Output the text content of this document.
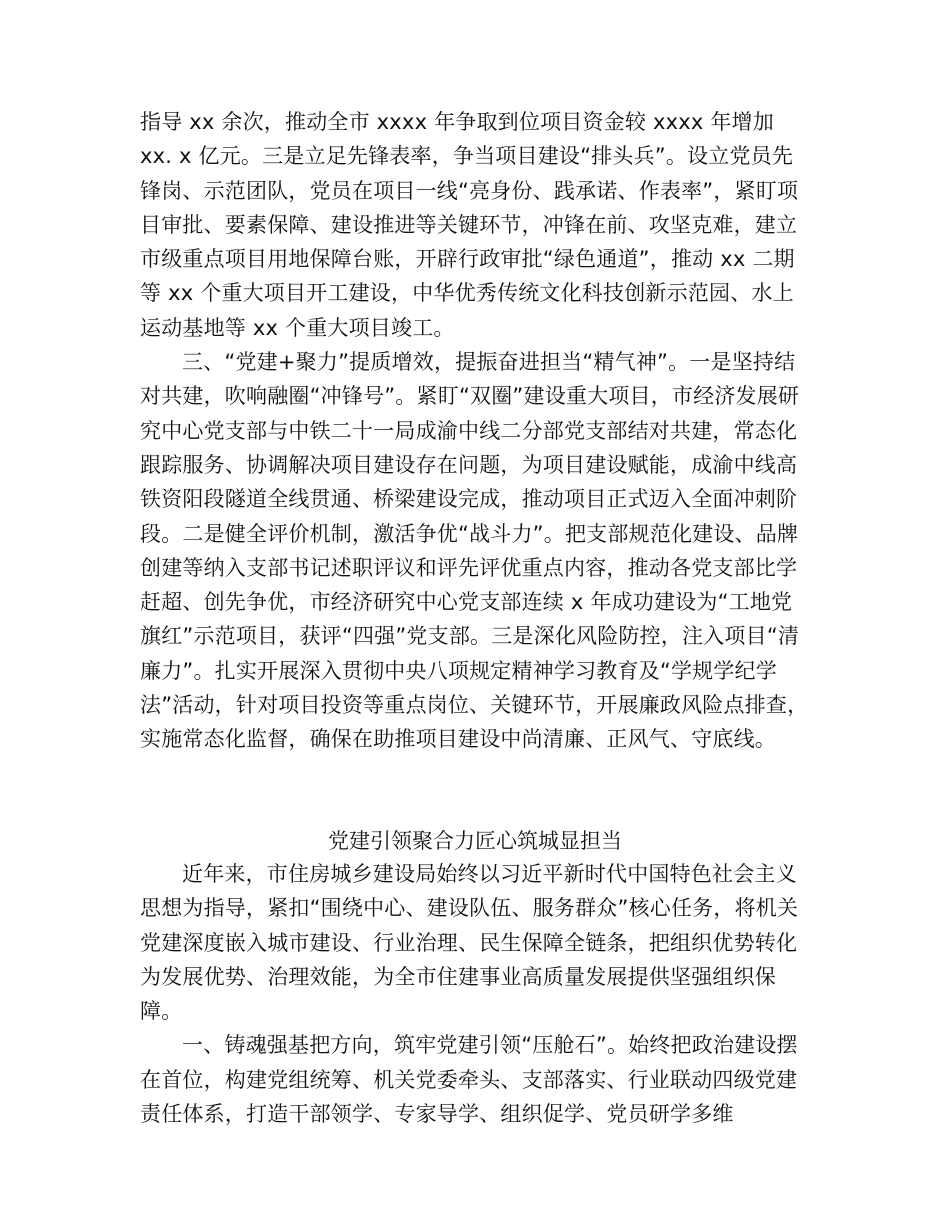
指导 xx 余次，推动全市 xxxx 年争取到位项目资金较 xxxx 年增加 xx. x 亿元。三是立足先锋表率，争当项目建设“排头兵”。设立党员先锋岗、示范团队，党员在项目一线“亮身份、践承诺、作表率”，紧盯项目审批、要素保障、建设推进等关键环节，冲锋在前、攻坚克难，建立市级重点项目用地保障台账，开辟行政审批“绿色通道”，推动 xx 二期等 xx 个重大项目开工建设，中华优秀传统文化科技创新示范园、水上运动基地等 xx 个重大项目竣工。

三、“党建+聚力”提质增效，提振奋进担当“精气神”。一是坚持结对共建，吹响融圈“冲锋号”。紧盯“双圈”建设重大项目，市经济发展研究中心党支部与中铁二十一局成渝中线二分部党支部结对共建，常态化跟踪服务、协调解决项目建设存在问题，为项目建设赋能，成渝中线高铁资阳段隧道全线贯通、桥梁建设完成，推动项目正式迈入全面冲刺阶段。二是健全评价机制，激活争优“战斗力”。把支部规范化建设、品牌创建等纳入支部书记述职评议和评先评优重点内容，推动各党支部比学赶超、创先争优，市经济研究中心党支部连续 x 年成功建设为“工地党旗红”示范项目，获评“四强”党支部。三是深化风险防控，注入项目“清廉力”。扎实开展深入贯彻中央八项规定精神学习教育及“学规学纪学法”活动，针对项目投资等重点岗位、关键环节，开展廉政风险点排查，实施常态化监督，确保在助推项目建设中尚清廉、正风气、守底线。

党建引领聚合力匠心筑城显担当

近年来，市住房城乡建设局始终以习近平新时代中国特色社会主义思想为指导，紧扣“围绕中心、建设队伍、服务群众”核心任务，将机关党建深度嵌入城市建设、行业治理、民生保障全链条，把组织优势转化为发展优势、治理效能，为全市住建事业高质量发展提供坚强组织保障。

一、铸魂强基把方向，筑牢党建引领“压舱石”。始终把政治建设摆在首位，构建党组统筹、机关党委牵头、支部落实、行业联动四级党建责任体系，打造干部领学、专家导学、组织促学、党员研学多维
